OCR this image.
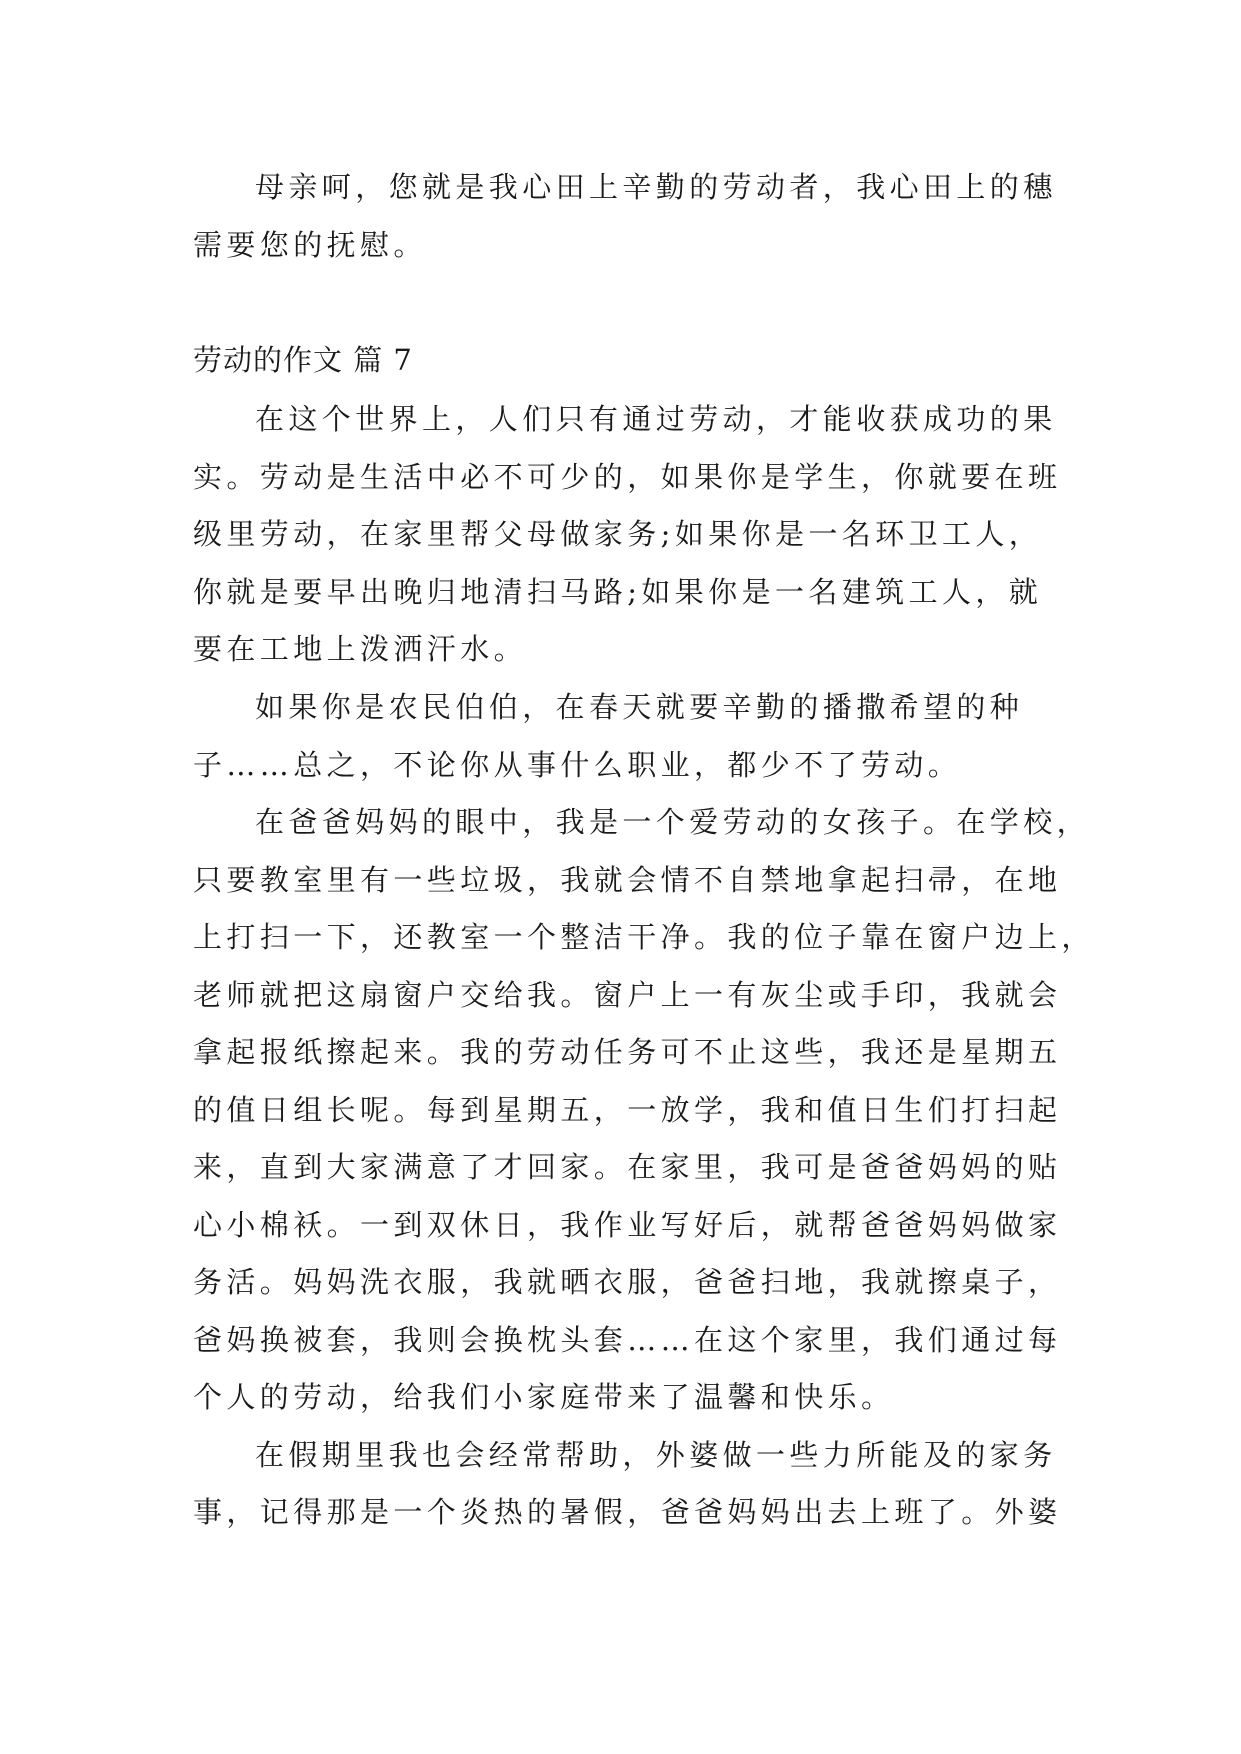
母亲呵，您就是我心田上辛勤的劳动者，我心田上的穗
需要您的抚慰。
劳动的作文 篇 7
在这个世界上，人们只有通过劳动，才能收获成功的果
实。劳动是生活中必不可少的，如果你是学生，你就要在班
级里劳动，在家里帮父母做家务;如果你是一名环卫工人，
你就是要早出晚归地清扫马路;如果你是一名建筑工人，就
要在工地上泼洒汗水。
如果你是农民伯伯，在春天就要辛勤的播撒希望的种
子……总之，不论你从事什么职业，都少不了劳动。
在爸爸妈妈的眼中，我是一个爱劳动的女孩子。在学校，
只要教室里有一些垃圾，我就会情不自禁地拿起扫帚，在地
上打扫一下，还教室一个整洁干净。我的位子靠在窗户边上，
老师就把这扇窗户交给我。窗户上一有灰尘或手印，我就会
拿起报纸擦起来。我的劳动任务可不止这些，我还是星期五
的值日组长呢。每到星期五，一放学，我和值日生们打扫起
来，直到大家满意了才回家。在家里，我可是爸爸妈妈的贴
心小棉袄。一到双休日，我作业写好后，就帮爸爸妈妈做家
务活。妈妈洗衣服，我就晒衣服，爸爸扫地，我就擦桌子，
爸妈换被套，我则会换枕头套……在这个家里，我们通过每
个人的劳动，给我们小家庭带来了温馨和快乐。
在假期里我也会经常帮助，外婆做一些力所能及的家务
事，记得那是一个炎热的暑假，爸爸妈妈出去上班了。外婆
